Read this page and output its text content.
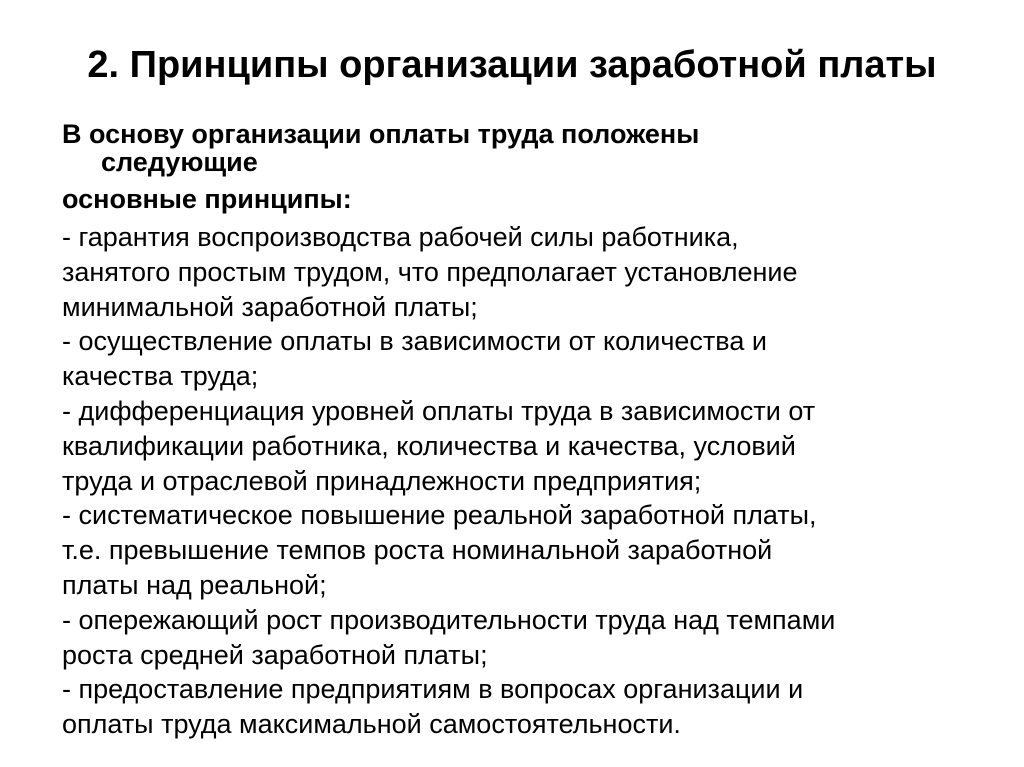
2. Принципы организации заработной платы
В основу организации оплаты труда положены
следующие
основные принципы:
- гарантия воспроизводства рабочей силы работника,
занятого простым трудом, что предполагает установление
минимальной заработной платы;
- осуществление оплаты в зависимости от количества и
качества труда;
- дифференциация уровней оплаты труда в зависимости от
квалификации работника, количества и качества, условий
труда и отраслевой принадлежности предприятия;
- систематическое повышение реальной заработной платы,
т.е. превышение темпов роста номинальной заработной
платы над реальной;
- опережающий рост производительности труда над темпами
роста средней заработной платы;
- предоставление предприятиям в вопросах организации и
оплаты труда максимальной самостоятельности.
